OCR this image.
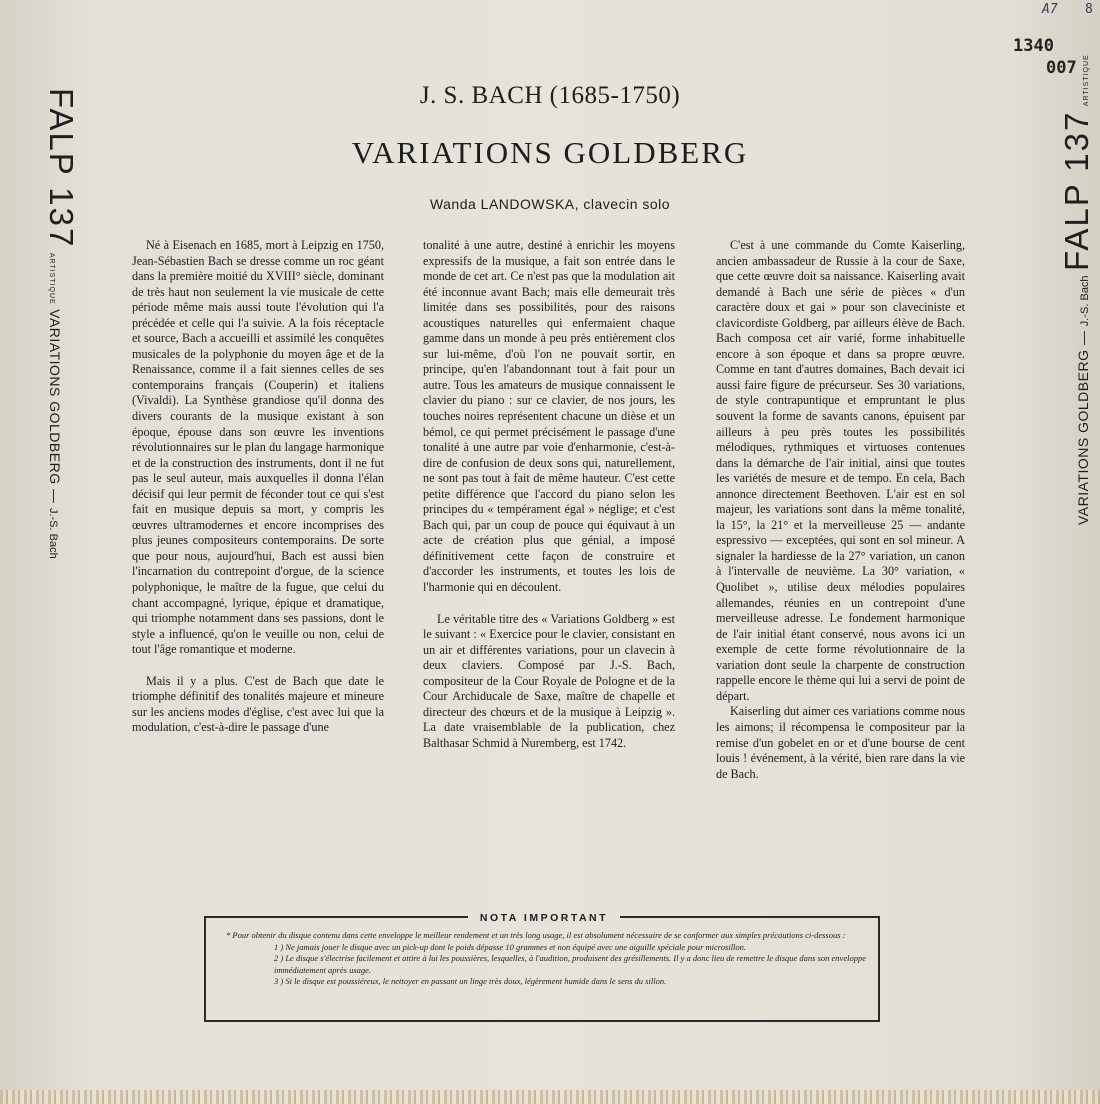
A7 8
1340
007
FALP 137 ARTISTIQUE VARIATIONS GOLDBERG — J.-S. Bach
VARIATIONS GOLDBERG — J.-S. Bach FALP 137 ARTISTIQUE
J. S. BACH (1685-1750)
VARIATIONS GOLDBERG
Wanda LANDOWSKA, clavecin solo

Né à Eisenach en 1685, mort à Leipzig en 1750, Jean-Sébastien Bach se dresse comme un roc géant dans la première moitié du XVIII° siècle, dominant de très haut non seulement la vie musicale de cette période même mais aussi toute l'évolution qui l'a précédée et celle qui l'a suivie. A la fois réceptacle et source, Bach a accueilli et assimilé les conquêtes musicales de la polyphonie du moyen âge et de la Renaissance, comme il a fait siennes celles de ses contemporains français (Couperin) et italiens (Vivaldi). La Synthèse grandiose qu'il donna des divers courants de la musique existant à son époque, épouse dans son œuvre les inventions révolutionnaires sur le plan du langage harmonique et de la construction des instruments, dont il ne fut pas le seul auteur, mais auxquelles il donna l'élan décisif qui leur permit de féconder tout ce qui s'est fait en musique depuis sa mort, y compris les œuvres ultramodernes et encore incomprises des plus jeunes compositeurs contemporains. De sorte que pour nous, aujourd'hui, Bach est aussi bien l'incarnation du contrepoint d'orgue, de la science polyphonique, le maître de la fugue, que celui du chant accompagné, lyrique, épique et dramatique, qui triomphe notamment dans ses passions, dont le style a influencé, qu'on le veuille ou non, celui de tout l'âge romantique et moderne.

Mais il y a plus. C'est de Bach que date le triomphe définitif des tonalités majeure et mineure sur les anciens modes d'église, c'est avec lui que la modulation, c'est-à-dire le passage d'une

tonalité à une autre, destiné à enrichir les moyens expressifs de la musique, a fait son entrée dans le monde de cet art. Ce n'est pas que la modulation ait été inconnue avant Bach; mais elle demeurait très limitée dans ses possibilités, pour des raisons acoustiques naturelles qui enfermaient chaque gamme dans un monde à peu près entièrement clos sur lui-même, d'où l'on ne pouvait sortir, en principe, qu'en l'abandonnant tout à fait pour un autre. Tous les amateurs de musique connaissent le clavier du piano : sur ce clavier, de nos jours, les touches noires représentent chacune un dièse et un bémol, ce qui permet précisément le passage d'une tonalité à une autre par voie d'enharmonie, c'est-à-dire de confusion de deux sons qui, naturellement, ne sont pas tout à fait de même hauteur. C'est cette petite différence que l'accord du piano selon les principes du « tempérament égal » néglige; et c'est Bach qui, par un coup de pouce qui équivaut à un acte de création plus que génial, a imposé définitivement cette façon de construire et d'accorder les instruments, et toutes les lois de l'harmonie qui en découlent.

Le véritable titre des « Variations Goldberg » est le suivant : « Exercice pour le clavier, consistant en un air et différentes variations, pour un clavecin à deux claviers. Composé par J.-S. Bach, compositeur de la Cour Royale de Pologne et de la Cour Archiducale de Saxe, maître de chapelle et directeur des chœurs et de la musique à Leipzig ». La date vraisemblable de la publication, chez Balthasar Schmid à Nuremberg, est 1742.

C'est à une commande du Comte Kaiserling, ancien ambassadeur de Russie à la cour de Saxe, que cette œuvre doit sa naissance. Kaiserling avait demandé à Bach une série de pièces « d'un caractère doux et gai » pour son claveciniste et clavicordiste Goldberg, par ailleurs élève de Bach. Bach composa cet air varié, forme inhabituelle encore à son époque et dans sa propre œuvre. Comme en tant d'autres domaines, Bach devait ici aussi faire figure de précurseur. Ses 30 variations, de style contrapuntique et empruntant le plus souvent la forme de savants canons, épuisent par ailleurs à peu près toutes les possibilités mélodiques, rythmiques et virtuoses contenues dans la démarche de l'air initial, ainsi que toutes les variétés de mesure et de tempo. En cela, Bach annonce directement Beethoven. L'air est en sol majeur, les variations sont dans la même tonalité, la 15°, la 21° et la merveilleuse 25 — andante espressivo — exceptées, qui sont en sol mineur. A signaler la hardiesse de la 27° variation, un canon à l'intervalle de neuvième. La 30° variation, « Quolibet », utilise deux mélodies populaires allemandes, réunies en un contrepoint d'une merveilleuse adresse. Le fondement harmonique de l'air initial étant conservé, nous avons ici un exemple de cette forme révolutionnaire de la variation dont seule la charpente de construction rappelle encore le thème qui lui a servi de point de départ.

Kaiserling dut aimer ces variations comme nous les aimons; il récompensa le compositeur par la remise d'un gobelet en or et d'une bourse de cent louis ! événement, à la vérité, bien rare dans la vie de Bach.

NOTA IMPORTANT
* Pour obtenir du disque contenu dans cette enveloppe le meilleur rendement et un très long usage, il est absolument nécessaire de se conformer aux simples précautions ci-dessous :
1 ) Ne jamais jouer le disque avec un pick-up dont le poids dépasse 10 grammes et non équipé avec une aiguille spéciale pour microsillon.
2 ) Le disque s'électrise facilement et attire à lui les poussières, lesquelles, à l'audition, produisent des grésillements. Il y a donc lieu de remettre le disque dans son enveloppe immédiatement après usage.
3 ) Si le disque est poussiéreux, le nettoyer en passant un linge très doux, légèrement humide dans le sens du sillon.
